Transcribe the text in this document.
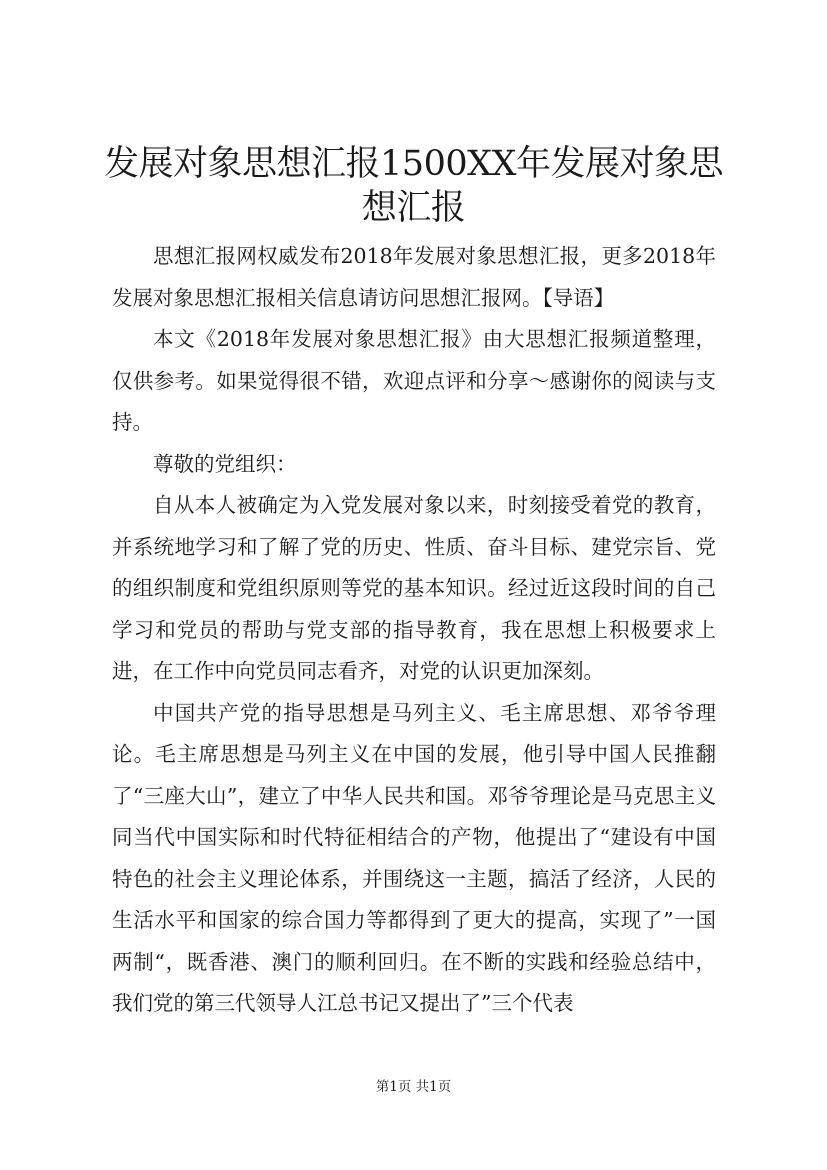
发展对象思想汇报1500XX年发展对象思想汇报

思想汇报网权威发布2018年发展对象思想汇报，更多2018年发展对象思想汇报相关信息请访问思想汇报网。【导语】

本文《2018年发展对象思想汇报》由大思想汇报频道整理，仅供参考。如果觉得很不错，欢迎点评和分享～感谢你的阅读与支持。

尊敬的党组织：

自从本人被确定为入党发展对象以来，时刻接受着党的教育，并系统地学习和了解了党的历史、性质、奋斗目标、建党宗旨、党的组织制度和党组织原则等党的基本知识。经过近这段时间的自己学习和党员的帮助与党支部的指导教育，我在思想上积极要求上进，在工作中向党员同志看齐，对党的认识更加深刻。

中国共产党的指导思想是马列主义、毛主席思想、邓爷爷理论。毛主席思想是马列主义在中国的发展，他引导中国人民推翻了“三座大山”，建立了中华人民共和国。邓爷爷理论是马克思主义同当代中国实际和时代特征相结合的产物，他提出了“建设有中国特色的社会主义理论体系，并围绕这一主题，搞活了经济，人民的生活水平和国家的综合国力等都得到了更大的提高，实现了”一国两制“，既香港、澳门的顺利回归。在不断的实践和经验总结中，我们党的第三代领导人江总书记又提出了”三个代表

第1页 共1页
